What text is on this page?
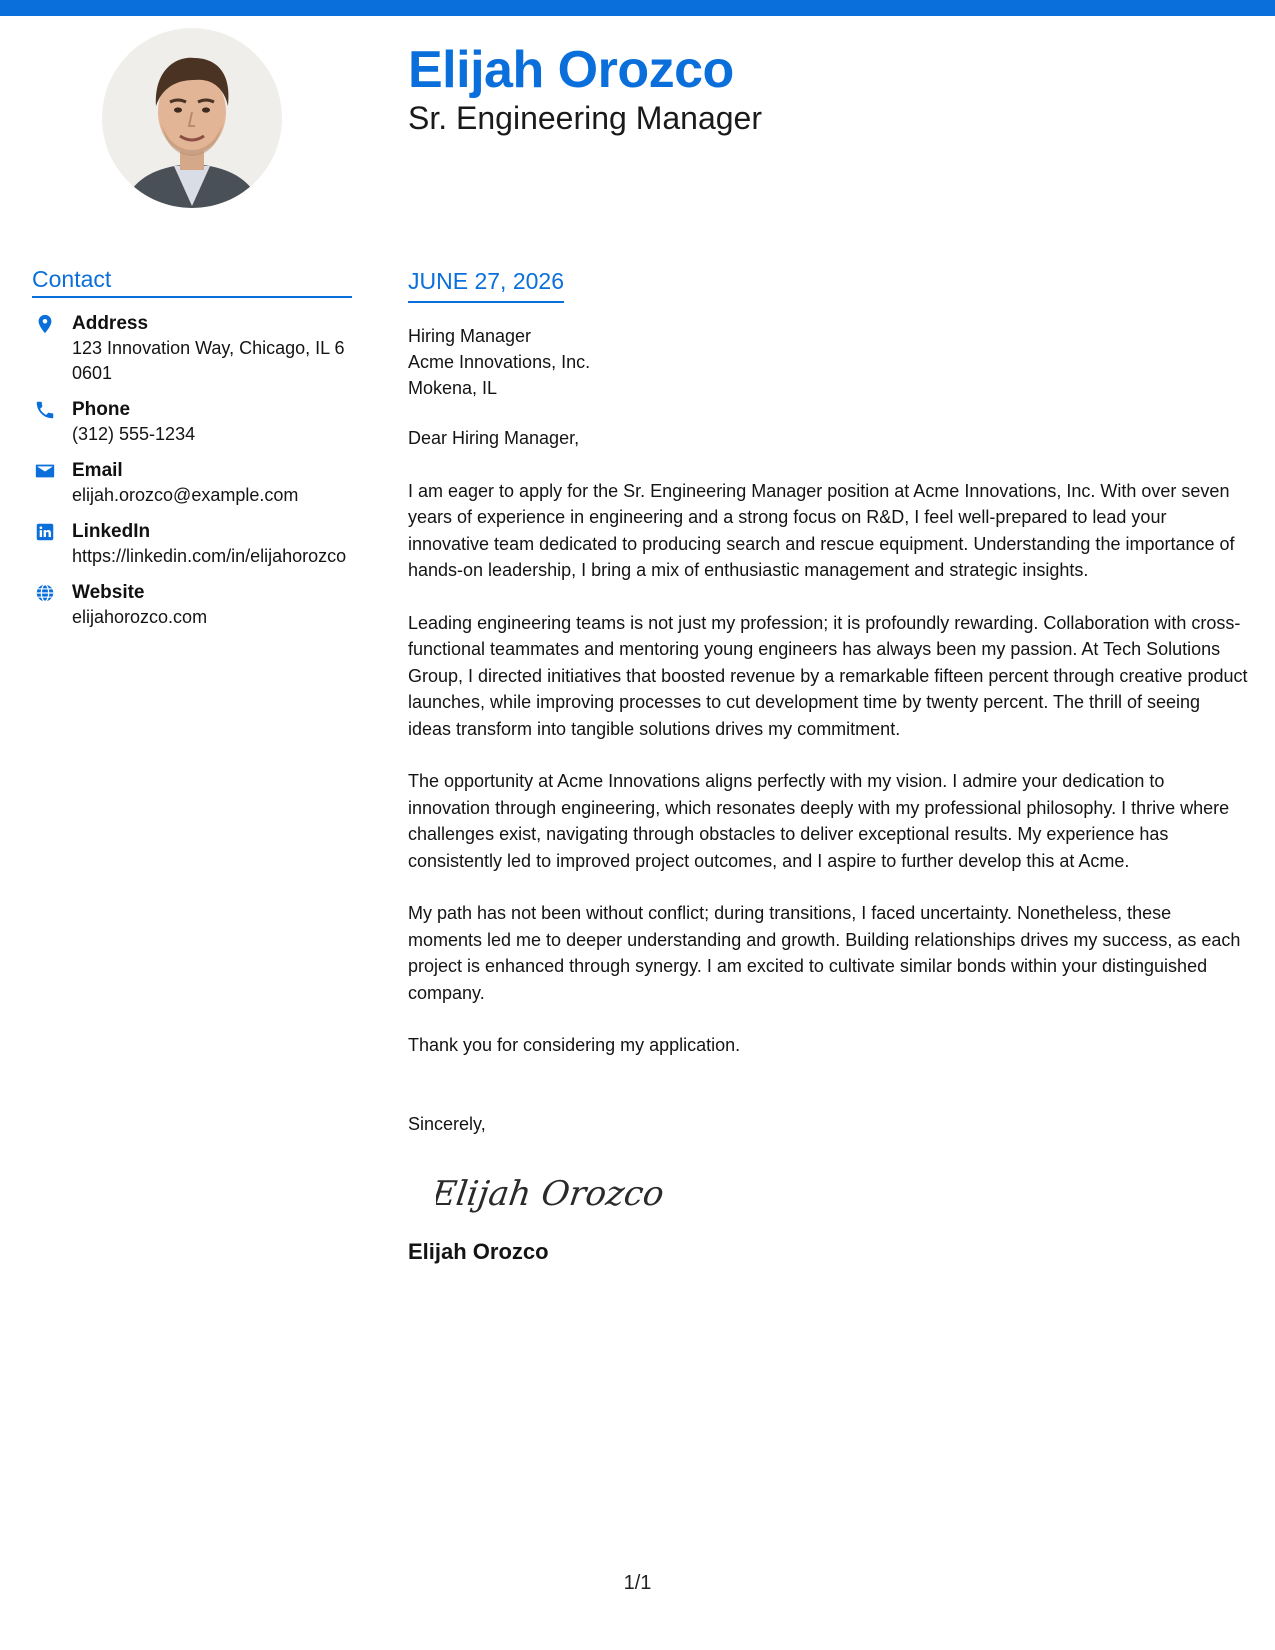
Elijah Orozco
Sr. Engineering Manager
Contact
Address
123 Innovation Way, Chicago, IL 60601
Phone
(312) 555-1234
Email
elijah.orozco@example.com
LinkedIn
https://linkedin.com/in/elijahorozco
Website
elijahorozco.com
JUNE 27, 2026
Hiring Manager
Acme Innovations, Inc.
Mokena, IL

Dear Hiring Manager,

I am eager to apply for the Sr. Engineering Manager position at Acme Innovations, Inc. With over seven years of experience in engineering and a strong focus on R&D, I feel well-prepared to lead your innovative team dedicated to producing search and rescue equipment. Understanding the importance of hands-on leadership, I bring a mix of enthusiastic management and strategic insights.

Leading engineering teams is not just my profession; it is profoundly rewarding. Collaboration with cross-functional teammates and mentoring young engineers has always been my passion. At Tech Solutions Group, I directed initiatives that boosted revenue by a remarkable fifteen percent through creative product launches, while improving processes to cut development time by twenty percent. The thrill of seeing ideas transform into tangible solutions drives my commitment.

The opportunity at Acme Innovations aligns perfectly with my vision. I admire your dedication to innovation through engineering, which resonates deeply with my professional philosophy. I thrive where challenges exist, navigating through obstacles to deliver exceptional results. My experience has consistently led to improved project outcomes, and I aspire to further develop this at Acme.

My path has not been without conflict; during transitions, I faced uncertainty. Nonetheless, these moments led me to deeper understanding and growth. Building relationships drives my success, as each project is enhanced through synergy. I am excited to cultivate similar bonds within your distinguished company.

Thank you for considering my application.

Sincerely,

Elijah Orozco
Elijah Orozco
1/1
